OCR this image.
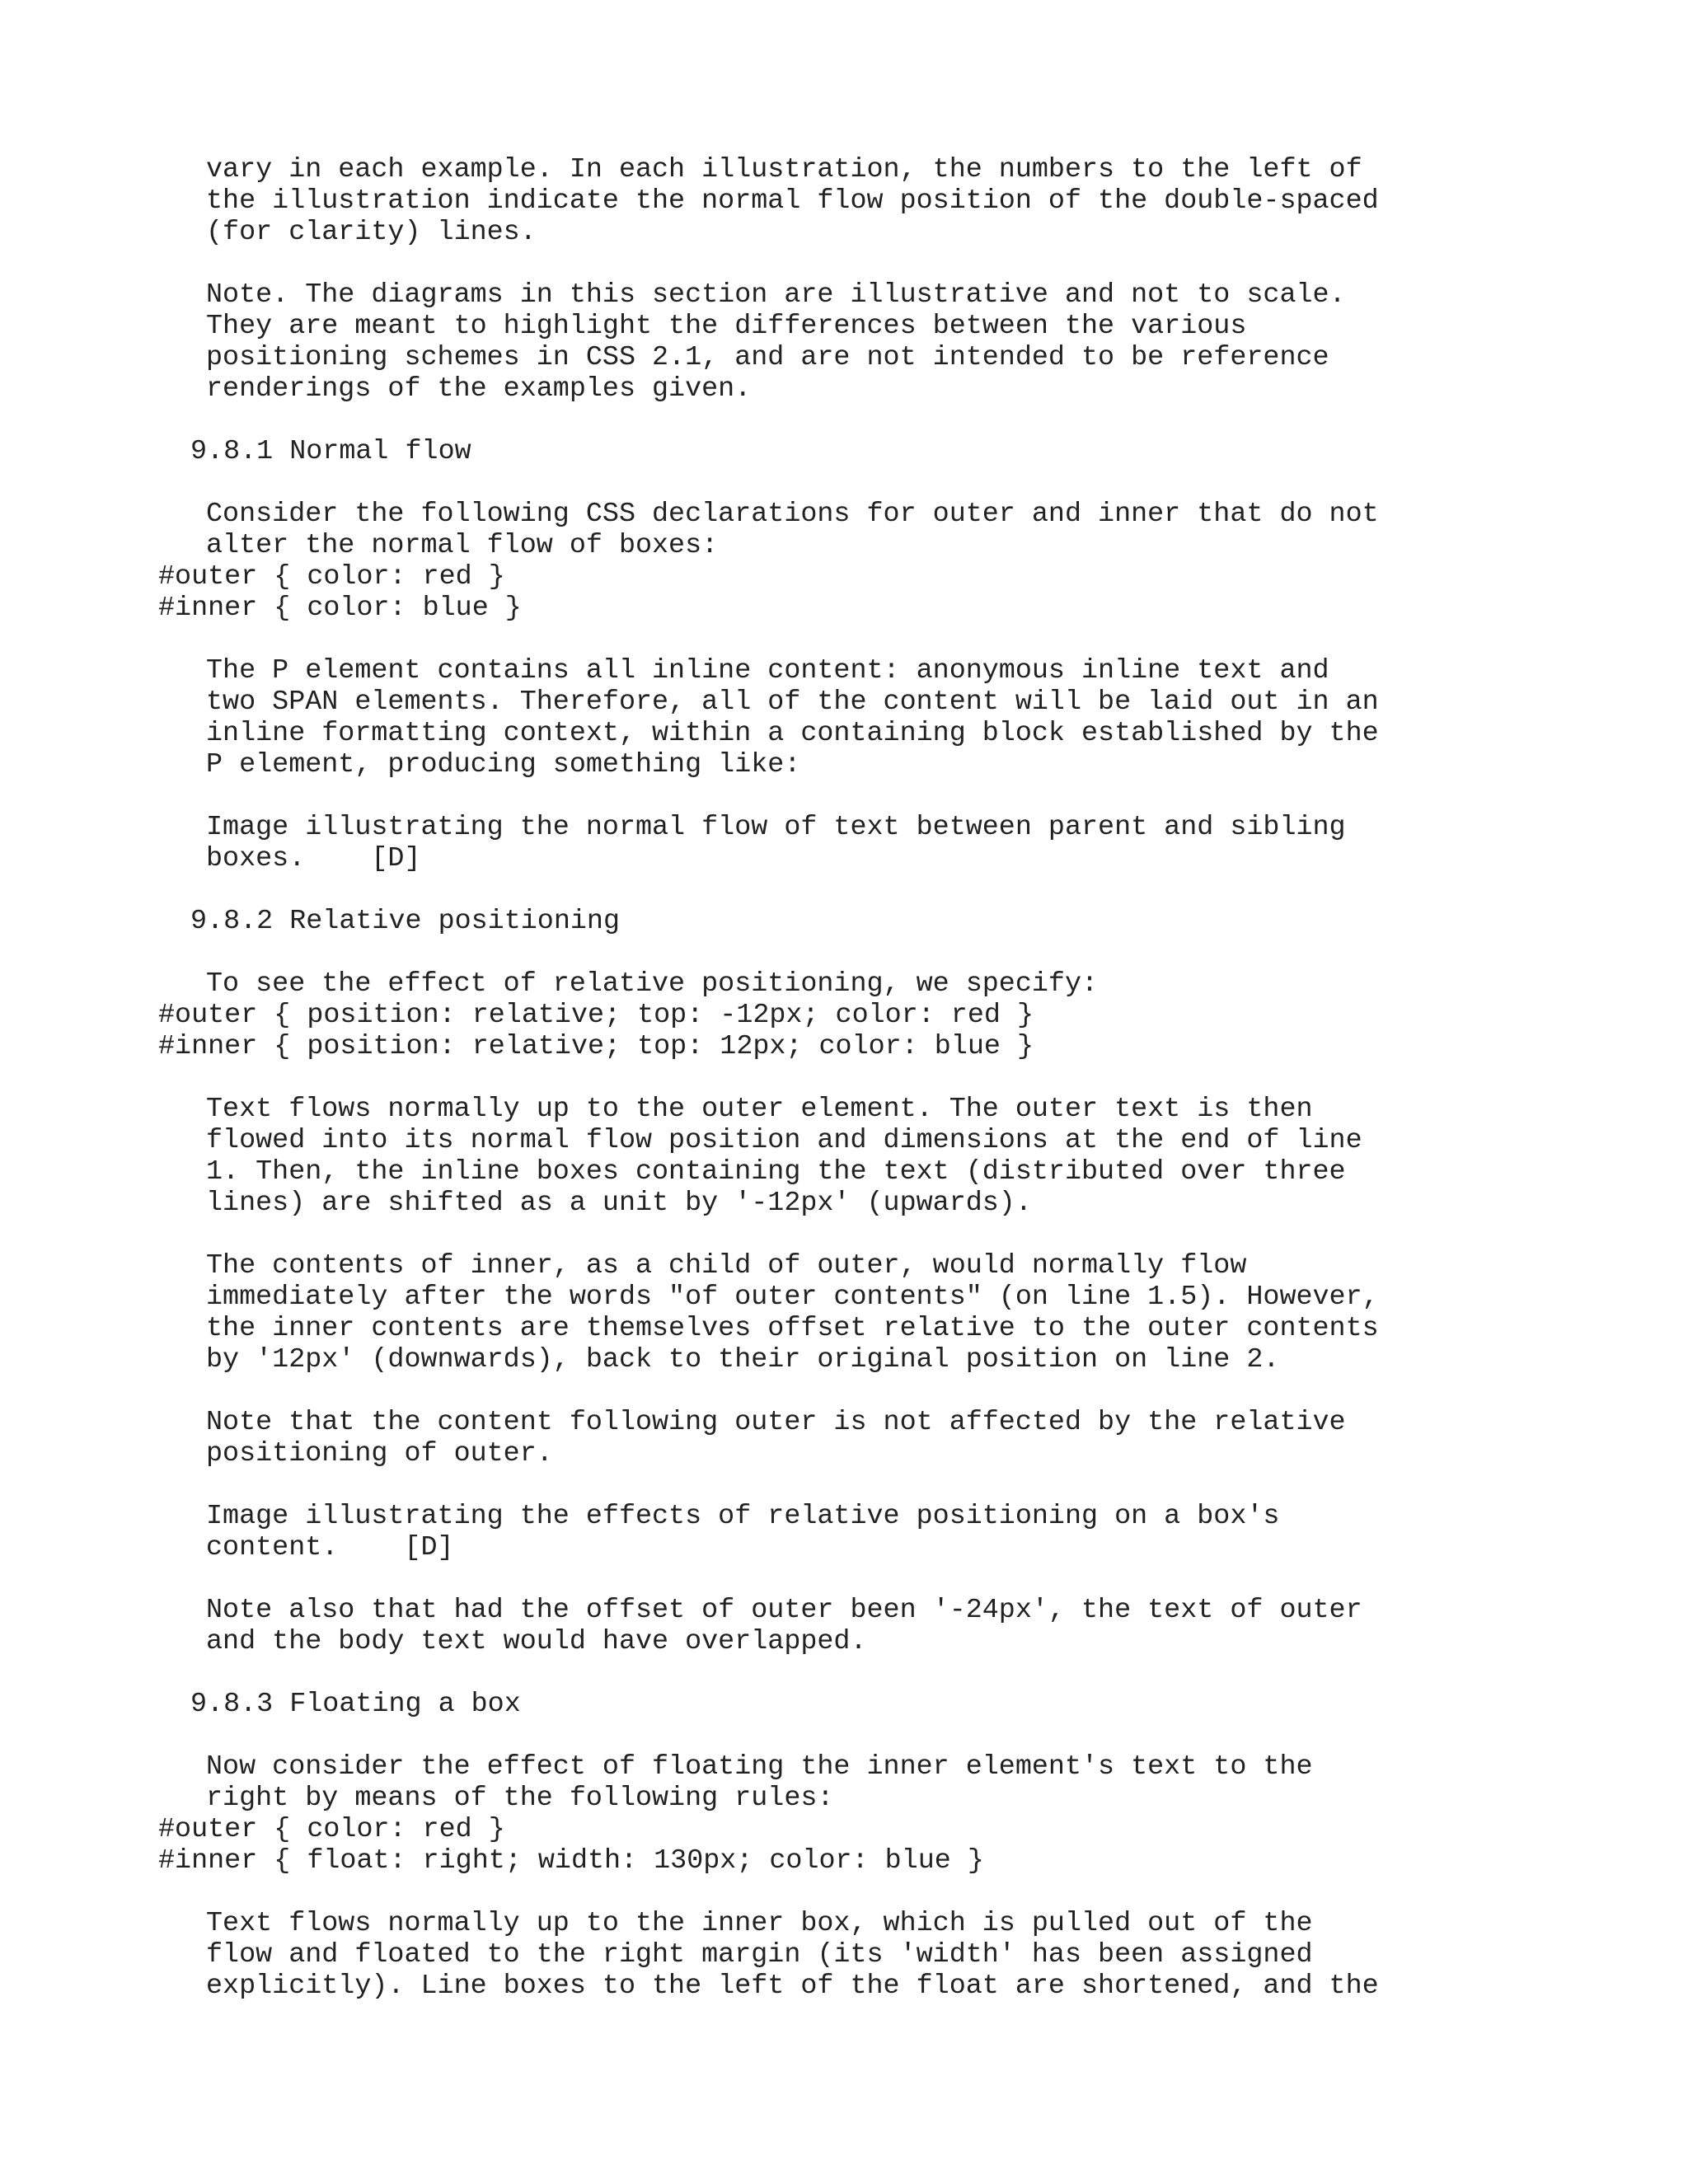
vary in each example. In each illustration, the numbers to the left of
the illustration indicate the normal flow position of the double-spaced
(for clarity) lines.
Note. The diagrams in this section are illustrative and not to scale.
They are meant to highlight the differences between the various
positioning schemes in CSS 2.1, and are not intended to be reference
renderings of the examples given.
9.8.1 Normal flow
Consider the following CSS declarations for outer and inner that do not
alter the normal flow of boxes:
#outer { color: red }
#inner { color: blue }
The P element contains all inline content: anonymous inline text and
two SPAN elements. Therefore, all of the content will be laid out in an
inline formatting context, within a containing block established by the
P element, producing something like:
Image illustrating the normal flow of text between parent and sibling
boxes.    [D]
9.8.2 Relative positioning
To see the effect of relative positioning, we specify:
#outer { position: relative; top: -12px; color: red }
#inner { position: relative; top: 12px; color: blue }
Text flows normally up to the outer element. The outer text is then
flowed into its normal flow position and dimensions at the end of line
1. Then, the inline boxes containing the text (distributed over three
lines) are shifted as a unit by '-12px' (upwards).
The contents of inner, as a child of outer, would normally flow
immediately after the words "of outer contents" (on line 1.5). However,
the inner contents are themselves offset relative to the outer contents
by '12px' (downwards), back to their original position on line 2.
Note that the content following outer is not affected by the relative
positioning of outer.
Image illustrating the effects of relative positioning on a box's
content.    [D]
Note also that had the offset of outer been '-24px', the text of outer
and the body text would have overlapped.
9.8.3 Floating a box
Now consider the effect of floating the inner element's text to the
right by means of the following rules:
#outer { color: red }
#inner { float: right; width: 130px; color: blue }
Text flows normally up to the inner box, which is pulled out of the
flow and floated to the right margin (its 'width' has been assigned
explicitly). Line boxes to the left of the float are shortened, and the
